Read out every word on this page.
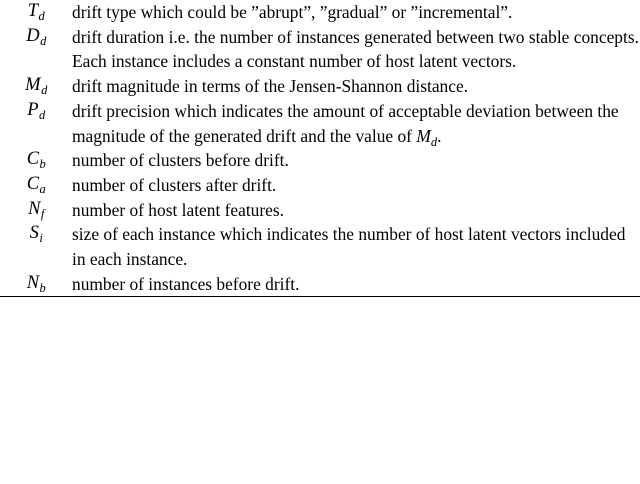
$T_d$	drift type which could be ”abrupt”, ”gradual” or ”incremental”.
$D_d$	drift duration i.e. the number of instances generated between two stable concepts. Each instance includes a constant number of host latent vectors.
$M_d$	drift magnitude in terms of the Jensen-Shannon distance.
$P_d$	drift precision which indicates the amount of acceptable deviation between the magnitude of the generated drift and the value of $M_d$.
$C_b$	number of clusters before drift.
$C_a$	number of clusters after drift.
$N_f$	number of host latent features.
$S_i$	size of each instance which indicates the number of host latent vectors included in each instance.
$N_b$	number of instances before drift.
